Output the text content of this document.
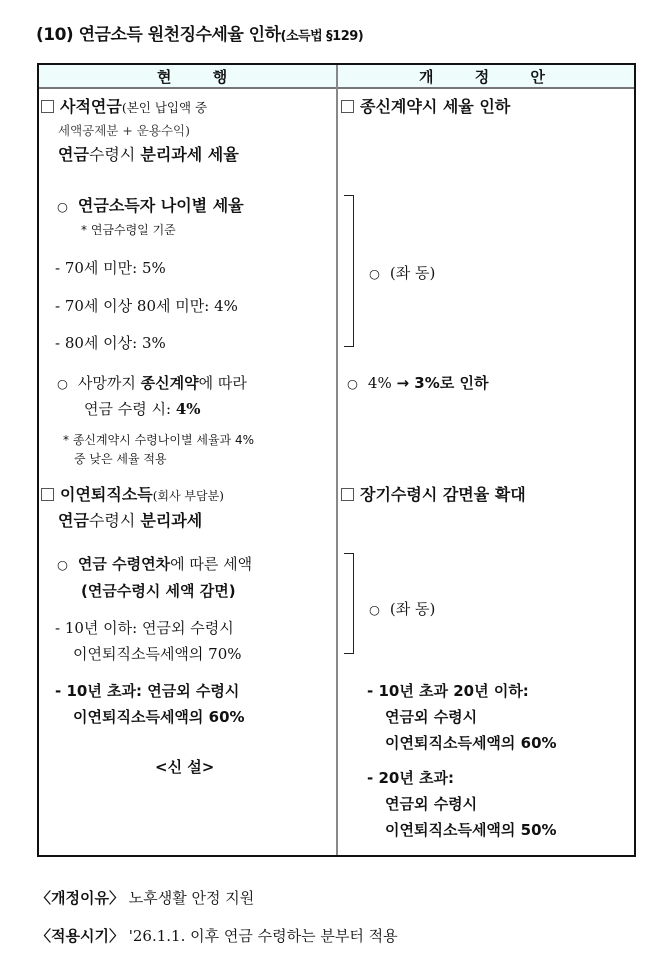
(10) 연금소득 원천징수세율 인하(소득법 §129)
현 행	개 정 안
사적연금(본인 납입액 중
세액공제분 + 운용수익)
연금수령시 분리과세 세율
○ 연금소득자 나이별 세율
* 연금수령일 기준
- 70세 미만: 5%
- 70세 이상 80세 미만: 4%
- 80세 이상: 3%
○ 사망까지 종신계약에 따라
연금 수령 시: 4%
* 종신계약시 수령나이별 세율과 4%
중 낮은 세율 적용
이연퇴직소득(회사 부담분)
연금수령시 분리과세
○ 연금 수령연차에 따른 세액
(연금수령시 세액 감면)
- 10년 이하: 연금외 수령시
이연퇴직소득세액의 70%
- 10년 초과: 연금외 수령시
이연퇴직소득세액의 60%
<신 설>
종신계약시 세율 인하
○ (좌 동)
○ 4% → 3%로 인하
장기수령시 감면율 확대
○ (좌 동)
- 10년 초과 20년 이하:
연금외 수령시
이연퇴직소득세액의 60%
- 20년 초과:
연금외 수령시
이연퇴직소득세액의 50%
〈개정이유〉 노후생활 안정 지원
〈적용시기〉 '26.1.1. 이후 연금 수령하는 분부터 적용
